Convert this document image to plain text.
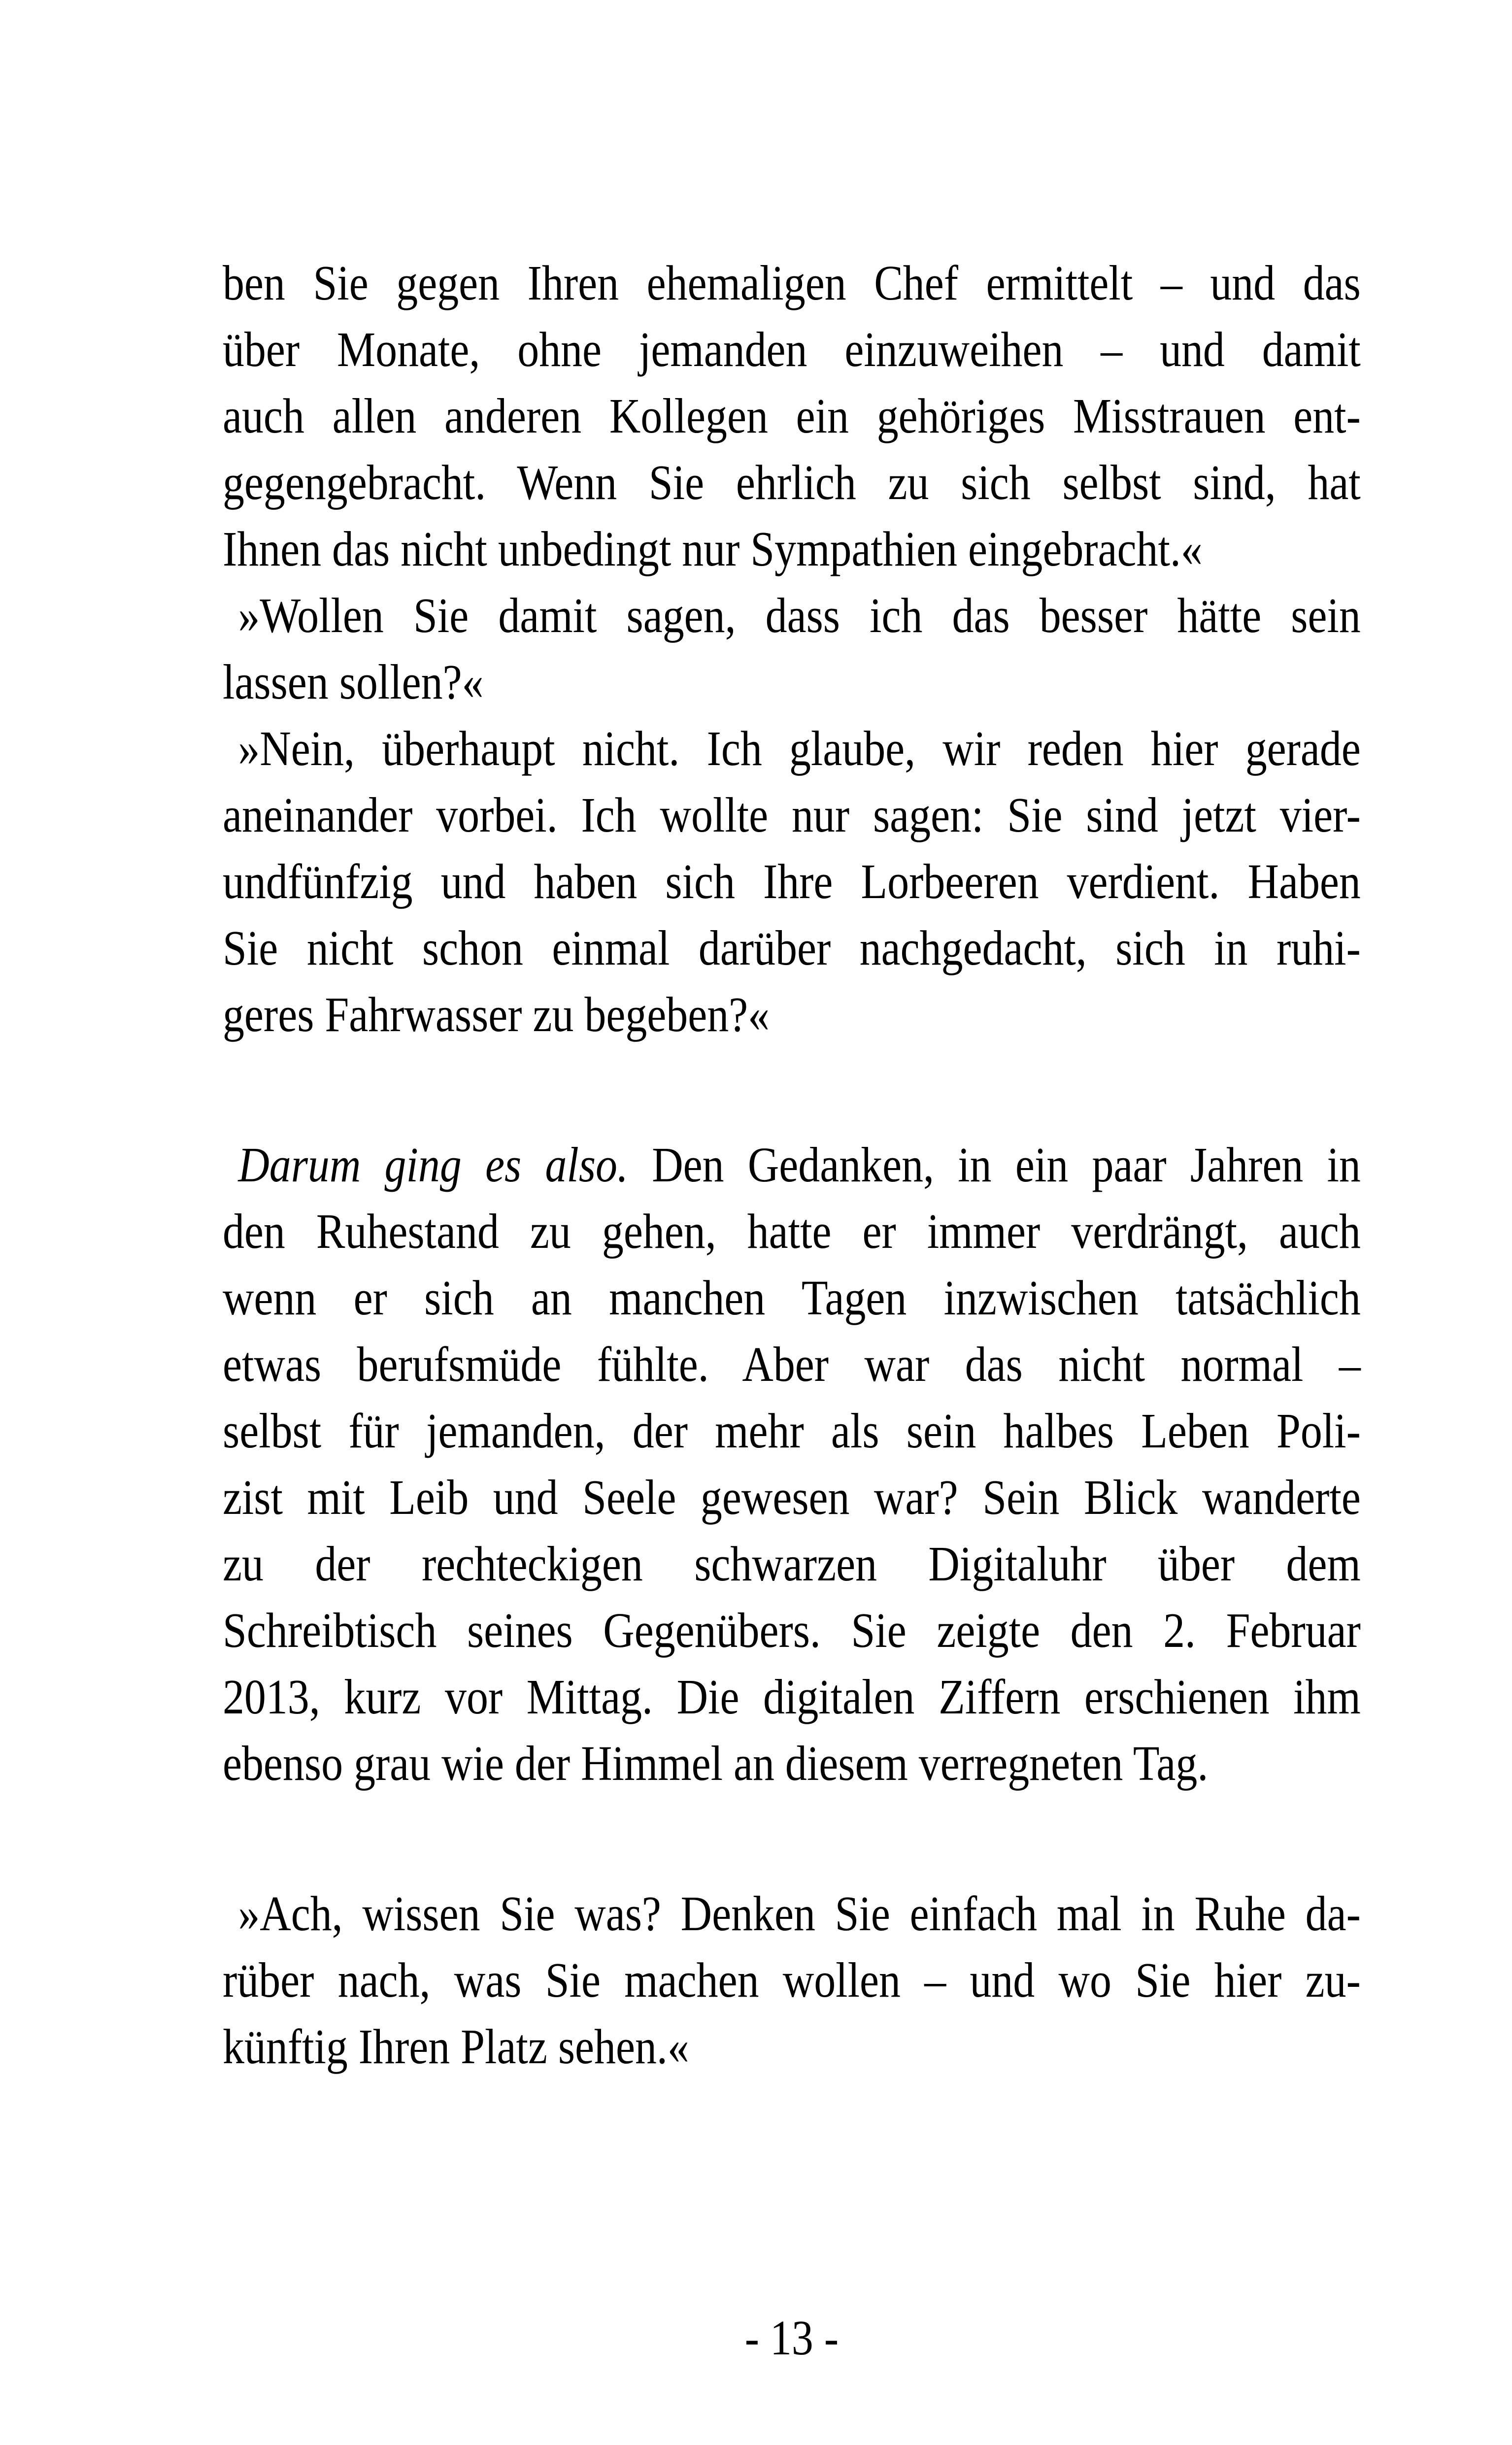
ben Sie gegen Ihren ehemaligen Chef ermittelt – und das
über Monate, ohne jemanden einzuweihen – und damit
auch allen anderen Kollegen ein gehöriges Misstrauen ent-
gegengebracht. Wenn Sie ehrlich zu sich selbst sind, hat
Ihnen das nicht unbedingt nur Sympathien eingebracht.«
»Wollen Sie damit sagen, dass ich das besser hätte sein
lassen sollen?«
»Nein, überhaupt nicht. Ich glaube, wir reden hier gerade
aneinander vorbei. Ich wollte nur sagen: Sie sind jetzt vier-
undfünfzig und haben sich Ihre Lorbeeren verdient. Haben
Sie nicht schon einmal darüber nachgedacht, sich in ruhi-
geres Fahrwasser zu begeben?«
Darum ging es also. Den Gedanken, in ein paar Jahren in
den Ruhestand zu gehen, hatte er immer verdrängt, auch
wenn er sich an manchen Tagen inzwischen tatsächlich
etwas berufsmüde fühlte. Aber war das nicht normal –
selbst für jemanden, der mehr als sein halbes Leben Poli-
zist mit Leib und Seele gewesen war? Sein Blick wanderte
zu der rechteckigen schwarzen Digitaluhr über dem
Schreibtisch seines Gegenübers. Sie zeigte den 2. Februar
2013, kurz vor Mittag. Die digitalen Ziffern erschienen ihm
ebenso grau wie der Himmel an diesem verregneten Tag.
»Ach, wissen Sie was? Denken Sie einfach mal in Ruhe da-
rüber nach, was Sie machen wollen – und wo Sie hier zu-
künftig Ihren Platz sehen.«
- 13 -
